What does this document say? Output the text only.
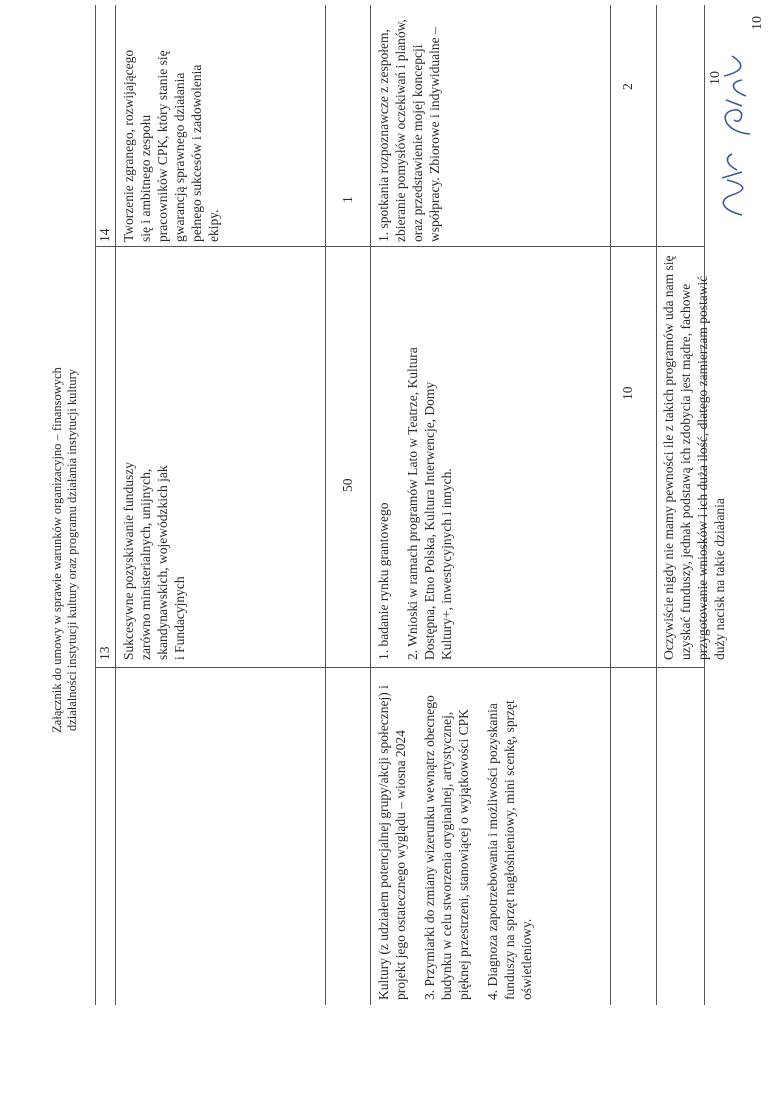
Załącznik do umowy w sprawie warunków organizacyjno – finansowych działalności instytucji kultury oraz programu działania instytucji kultury

Kultury (z udziałem potencjalnej grupy/akcji społecznej) i projekt jego ostatecznego wyglądu – wiosna 2024 3. Przymiarki do zmiany wizerunku wewnątrz obecnego budynku w celu stworzenia oryginalnej, artystycznej, pięknej przestrzeni, stanowiącej o wyjątkowości CPK 4. Diagnoza zapotrzebowania i możliwości pozyskania funduszy na sprzęt nagłośnieniowy, mini scenkę, sprzęt oświetleniowy.

13 Sukcesywne pozyskiwanie funduszy zarówno ministerialnych, unijnych, skandynawskich, wojewódzkich jak i Fundacyjnych
50

1. badanie rynku grantowego 2. Wnioski w ramach programów Lato w Teatrze, Kultura Dostępna, Etno Polska, Kultura Interwencje, Domy Kultury+, inwestycyjnych i innych.

10 Oczywiście nigdy nie mamy pewności ile z takich programów uda nam się uzyskać funduszy, jednak podstawą ich zdobycia jest mądre, fachowe przygotowanie wniosków i ich duża ilość, dlatego zamierzam postawić duży nacisk na takie działania
14 Tworzenie zgranego, rozwijającego się i ambitnego zespołu pracowników CPK, który stanie się gwarancją sprawnego działania pełnego sukcesów i zadowolenia ekipy.
1 1. spotkania rozpoznawcze z zespołem, zbieranie pomysłów oczekiwań i planów, oraz przedstawienie mojej koncepcji współpracy. Zbiorowe i indywidualne –	2
10
10
